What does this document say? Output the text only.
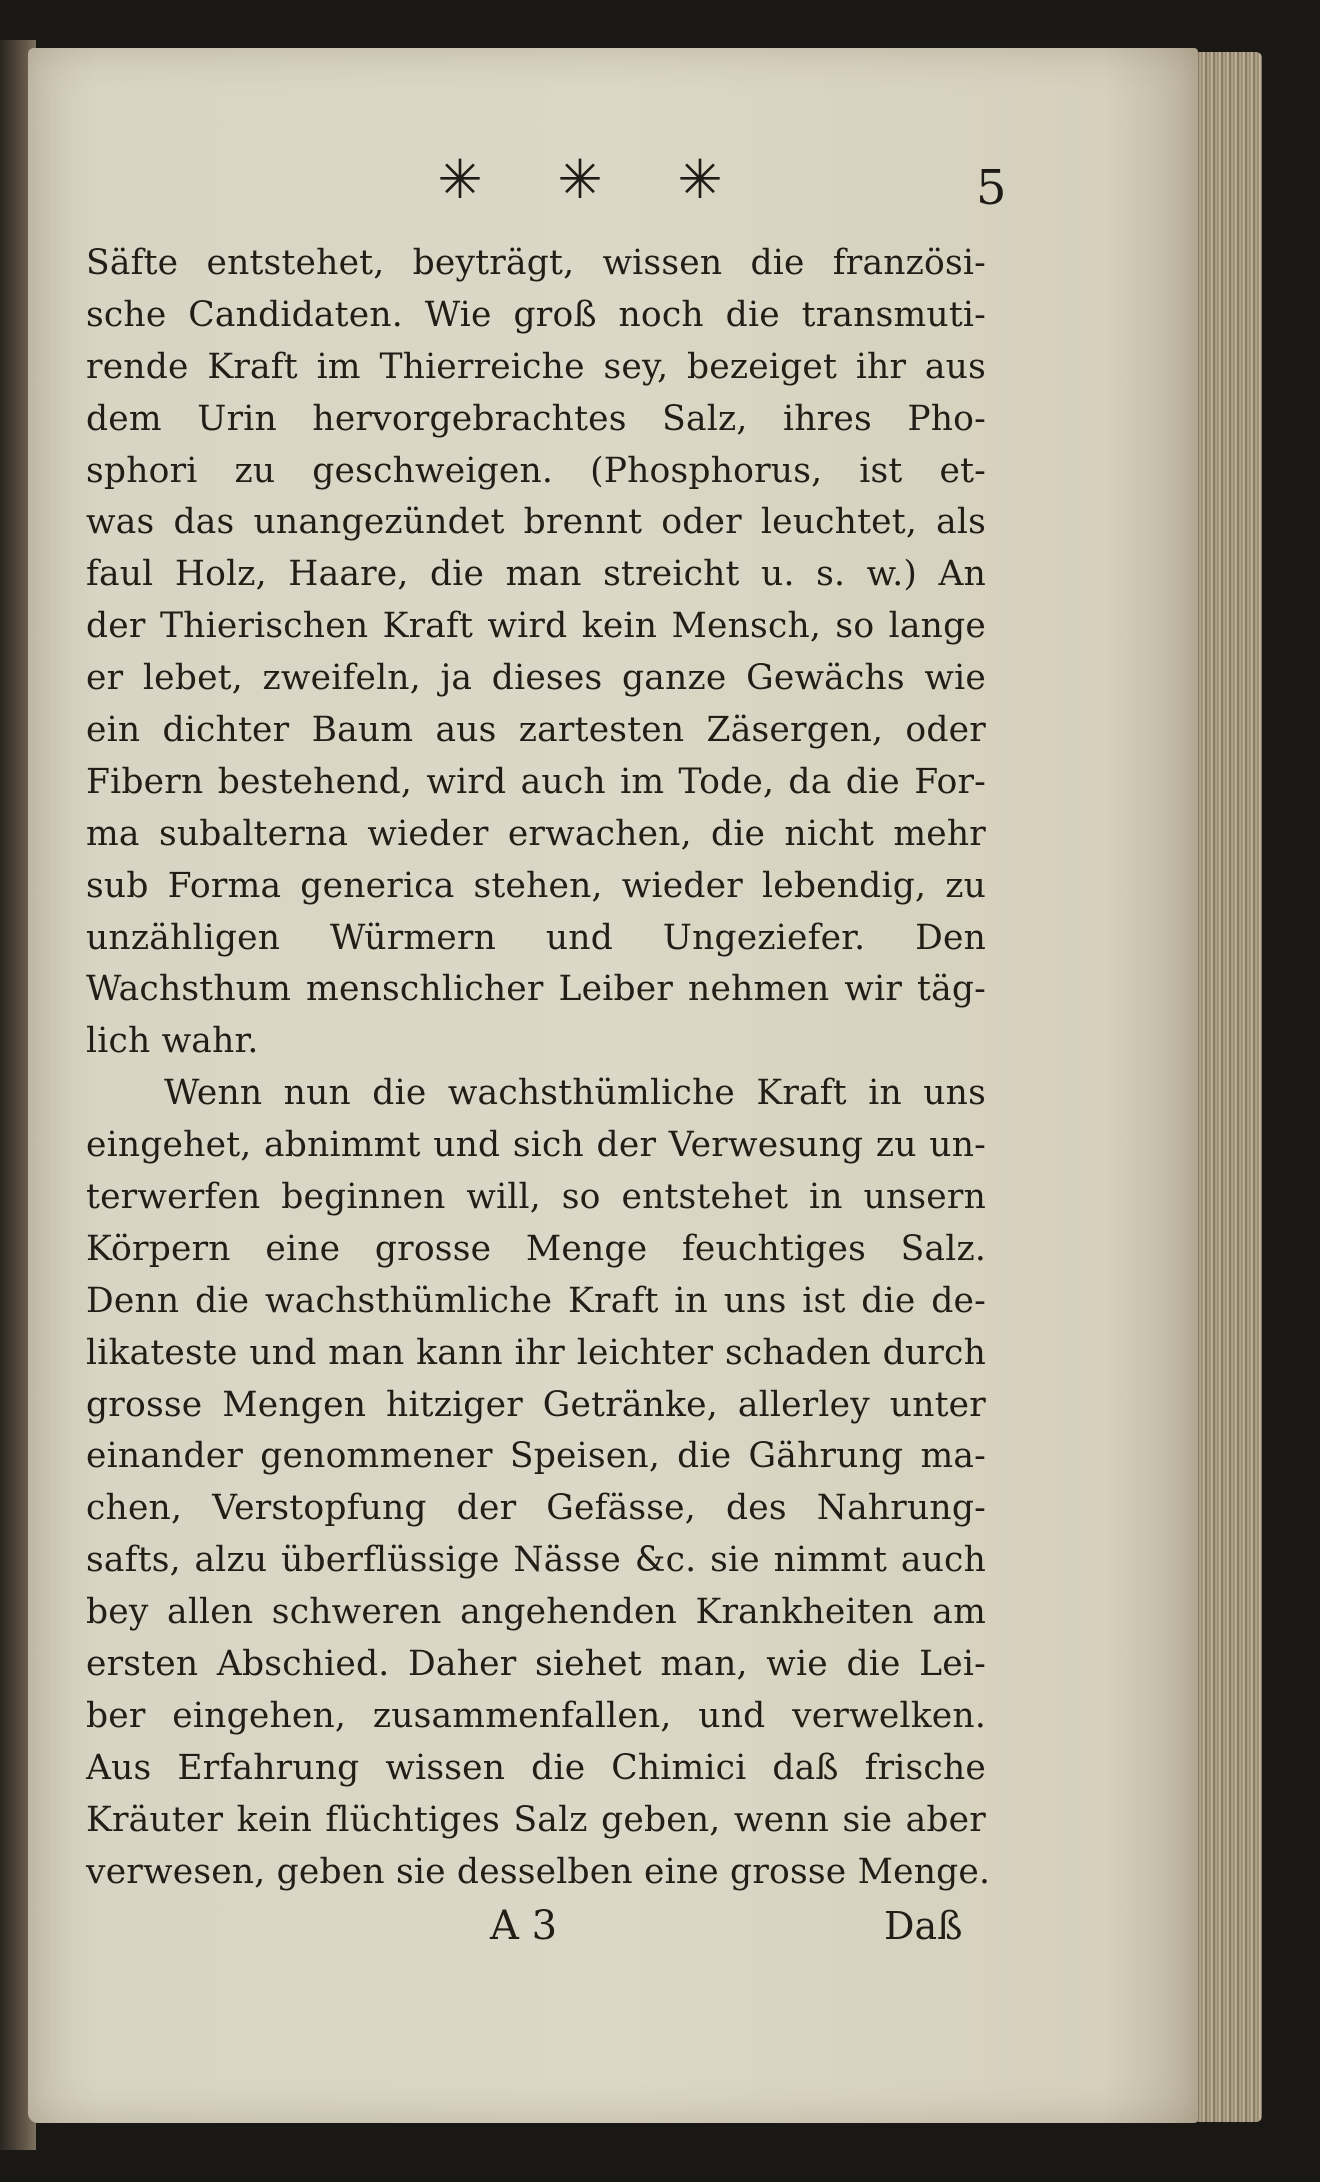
✳ ✳ ✳	5
Säfte entstehet, beyträgt, wissen die französi-
sche Candidaten. Wie groß noch die transmuti-
rende Kraft im Thierreiche sey, bezeiget ihr aus
dem Urin hervorgebrachtes Salz, ihres Pho-
sphori zu geschweigen. (Phosphorus, ist et-
was das unangezündet brennt oder leuchtet, als
faul Holz, Haare, die man streicht u. s. w.) An
der Thierischen Kraft wird kein Mensch, so lange
er lebet, zweifeln, ja dieses ganze Gewächs wie
ein dichter Baum aus zartesten Zäsergen, oder
Fibern bestehend, wird auch im Tode, da die For-
ma subalterna wieder erwachen, die nicht mehr
sub Forma generica stehen, wieder lebendig, zu
unzähligen Würmern und Ungeziefer. Den
Wachsthum menschlicher Leiber nehmen wir täg-
lich wahr.
Wenn nun die wachsthümliche Kraft in uns
eingehet, abnimmt und sich der Verwesung zu un-
terwerfen beginnen will, so entstehet in unsern
Körpern eine grosse Menge feuchtiges Salz.
Denn die wachsthümliche Kraft in uns ist die de-
likateste und man kann ihr leichter schaden durch
grosse Mengen hitziger Getränke, allerley unter
einander genommener Speisen, die Gährung ma-
chen, Verstopfung der Gefässe, des Nahrung-
safts, alzu überflüssige Nässe &c. sie nimmt auch
bey allen schweren angehenden Krankheiten am
ersten Abschied. Daher siehet man, wie die Lei-
ber eingehen, zusammenfallen, und verwelken.
Aus Erfahrung wissen die Chimici daß frische
Kräuter kein flüchtiges Salz geben, wenn sie aber
verwesen, geben sie desselben eine grosse Menge.
A 3	Daß
